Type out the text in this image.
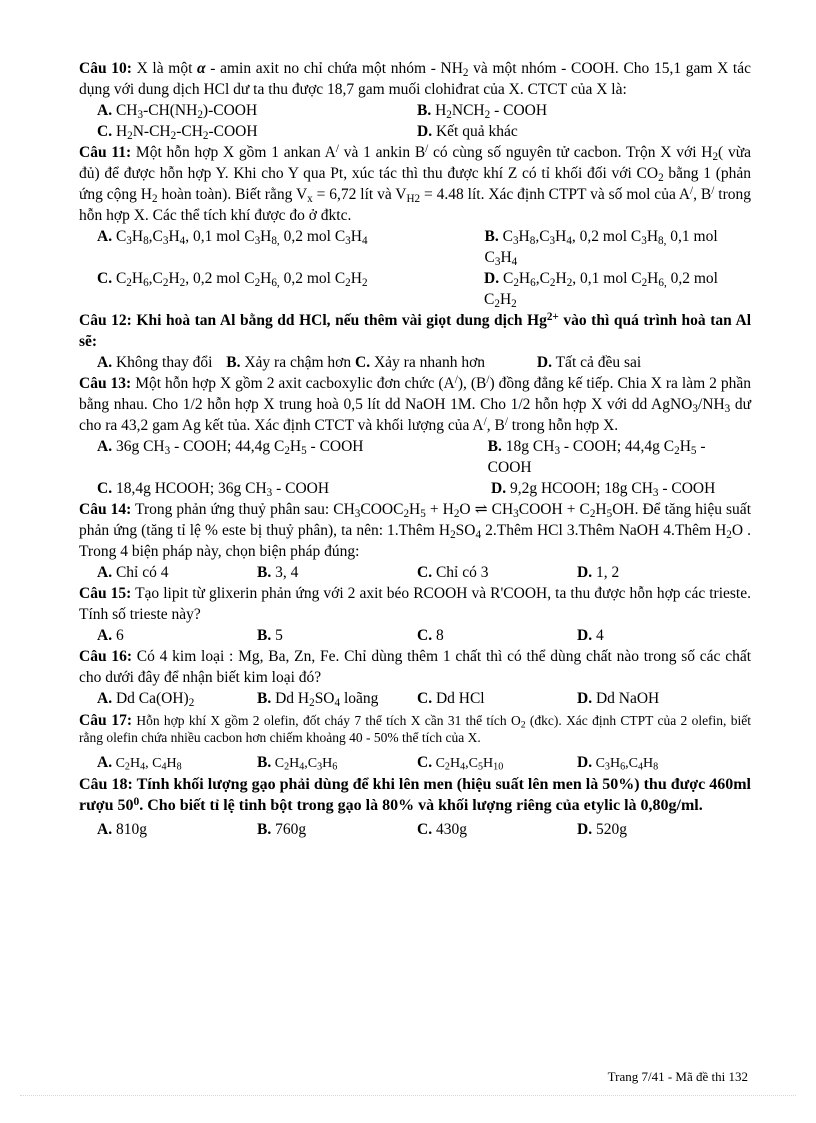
Câu 10: X là một α - amin axit no chỉ chứa một nhóm - $NH_2$ và một nhóm - COOH. Cho 15,1 gam X tác dụng với dung dịch HCl dư ta thu được 18,7 gam muối clohiđrat của X. CTCT của X là:
A. $CH_3-CH(NH_2)$-COOH	B. $H_2NCH_2$ - COOH
C. $H_2N-CH_2-CH_2$-COOH	D. Kết quả khác
Câu 11: Một hỗn hợp X gồm 1 ankan A/ và 1 ankin B/ có cùng số nguyên tử cacbon. Trộn X với $H_2$( vừa đủ) để được hỗn hợp Y. Khi cho Y qua Pt, xúc tác thì thu được khí Z có tỉ khối đối với $CO_2$ bằng 1 (phản ứng cộng $H_2$ hoàn toàn). Biết rằng $V_x = 6,72$ lít và $V_{H2} = 4.48$ lít. Xác định CTPT và số mol của A/, B/ trong hỗn hợp X. Các thể tích khí được đo ở đktc.
A. $C_3H_8,C_3H_4$, 0,1 mol $C_3H_{8,}$ 0,2 mol $C_3H_4$	B. $C_3H_8,C_3H_4$, 0,2 mol $C_3H_{8,}$ 0,1 mol $C_3H_4$
C. $C_2H_6,C_2H_2$, 0,2 mol $C_2H_{6,}$ 0,2 mol $C_2H_2$	D. $C_2H_6,C_2H_2$, 0,1 mol $C_2H_{6,}$ 0,2 mol $C_2H_2$
Câu 12: Khi hoà tan Al bằng dd HCl, nếu thêm vài giọt dung dịch $Hg^{2+}$ vào thì quá trình hoà tan Al sẽ:
A. Không thay đổi B. Xảy ra chậm hơn C. Xảy ra nhanh hơn	D. Tất cả đều sai
Câu 13: Một hỗn hợp X gồm 2 axit cacboxylic đơn chức (A/), (B/) đồng đẳng kế tiếp. Chia X ra làm 2 phần bằng nhau. Cho 1/2 hỗn hợp X trung hoà 0,5 lít dd NaOH 1M. Cho 1/2 hỗn hợp X với dd $AgNO_3/NH_3$ dư cho ra 43,2 gam Ag kết tủa. Xác định CTCT và khối lượng của A/, B/ trong hỗn hợp X.
A. 36g $CH_3$ - COOH; 44,4g $C_2H_5$ - COOH	B. 18g $CH_3$ - COOH; 44,4g $C_2H_5$ - COOH
C. 18,4g HCOOH; 36g $CH_3$ - COOH	D. 9,2g HCOOH; 18g $CH_3$ - COOH
Câu 14: Trong phản ứng thuỷ phân sau: $CH_3COOC_2H_5 + H_2O$ ⇌ $CH_3COOH + C_2H_5OH$. Để tăng hiệu suất phản ứng (tăng tỉ lệ % este bị thuỷ phân), ta nên: 1.Thêm $H_2SO_4$ 2.Thêm HCl 3.Thêm NaOH 4.Thêm $H_2O$ . Trong 4 biện pháp này, chọn biện pháp đúng:
A. Chỉ có 4	B. 3, 4	C. Chỉ có 3	D. 1, 2
Câu 15: Tạo lipit từ glixerin phản ứng với 2 axit béo RCOOH và R'COOH, ta thu được hỗn hợp các trieste. Tính số trieste này?
A. 6	B. 5	C. 8	D. 4
Câu 16: Có 4 kim loại : Mg, Ba, Zn, Fe. Chỉ dùng thêm 1 chất thì có thể dùng chất nào trong số các chất cho dưới đây để nhận biết kim loại đó?
A. Dd $Ca(OH)_2$	B. Dd $H_2SO_4$ loãng	C. Dd HCl	D. Dd NaOH
Câu 17: Hỗn hợp khí X gồm 2 olefin, đốt cháy 7 thể tích X cần 31 thể tích $O_2$ (đkc). Xác định CTPT của 2 olefin, biết rằng olefin chứa nhiều cacbon hơn chiếm khoảng 40 - 50% thể tích của X.
A. $C_2H_4$, $C_4H_8$	B. $C_2H_4,C_3H_6$	C. $C_2H_4,C_5H_{10}$	D. $C_3H_6,C_4H_8$
Câu 18: Tính khối lượng gạo phải dùng để khi lên men (hiệu suất lên men là 50%) thu được 460ml rượu $50^0$. Cho biết tỉ lệ tinh bột trong gạo là 80% và khối lượng riêng của etylic là 0,80g/ml.
A. 810g	B. 760g	C. 430g	D. 520g
Trang 7/41 - Mã đề thi 132
